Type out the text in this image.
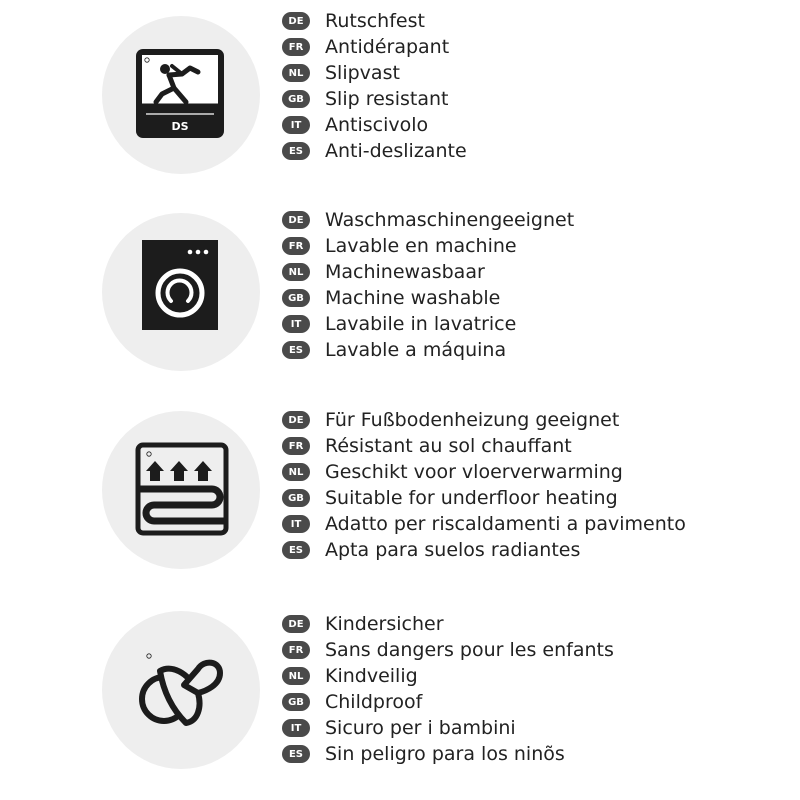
DS
DE	Rutschfest
FR	Antidérapant
NL	Slipvast
GB	Slip resistant
IT	Antiscivolo
ES	Anti-deslizante
DE	Waschmaschinengeeignet
FR	Lavable en machine
NL	Machinewasbaar
GB	Machine washable
IT	Lavabile in lavatrice
ES	Lavable a máquina
DE	Für Fußbodenheizung geeignet
FR	Résistant au sol chauffant
NL	Geschikt voor vloerverwarming
GB	Suitable for underfloor heating
IT	Adatto per riscaldamenti a pavimento
ES	Apta para suelos radiantes
DE	Kindersicher
FR	Sans dangers pour les enfants
NL	Kindveilig
GB	Childproof
IT	Sicuro per i bambini
ES	Sin peligro para los ninõs
